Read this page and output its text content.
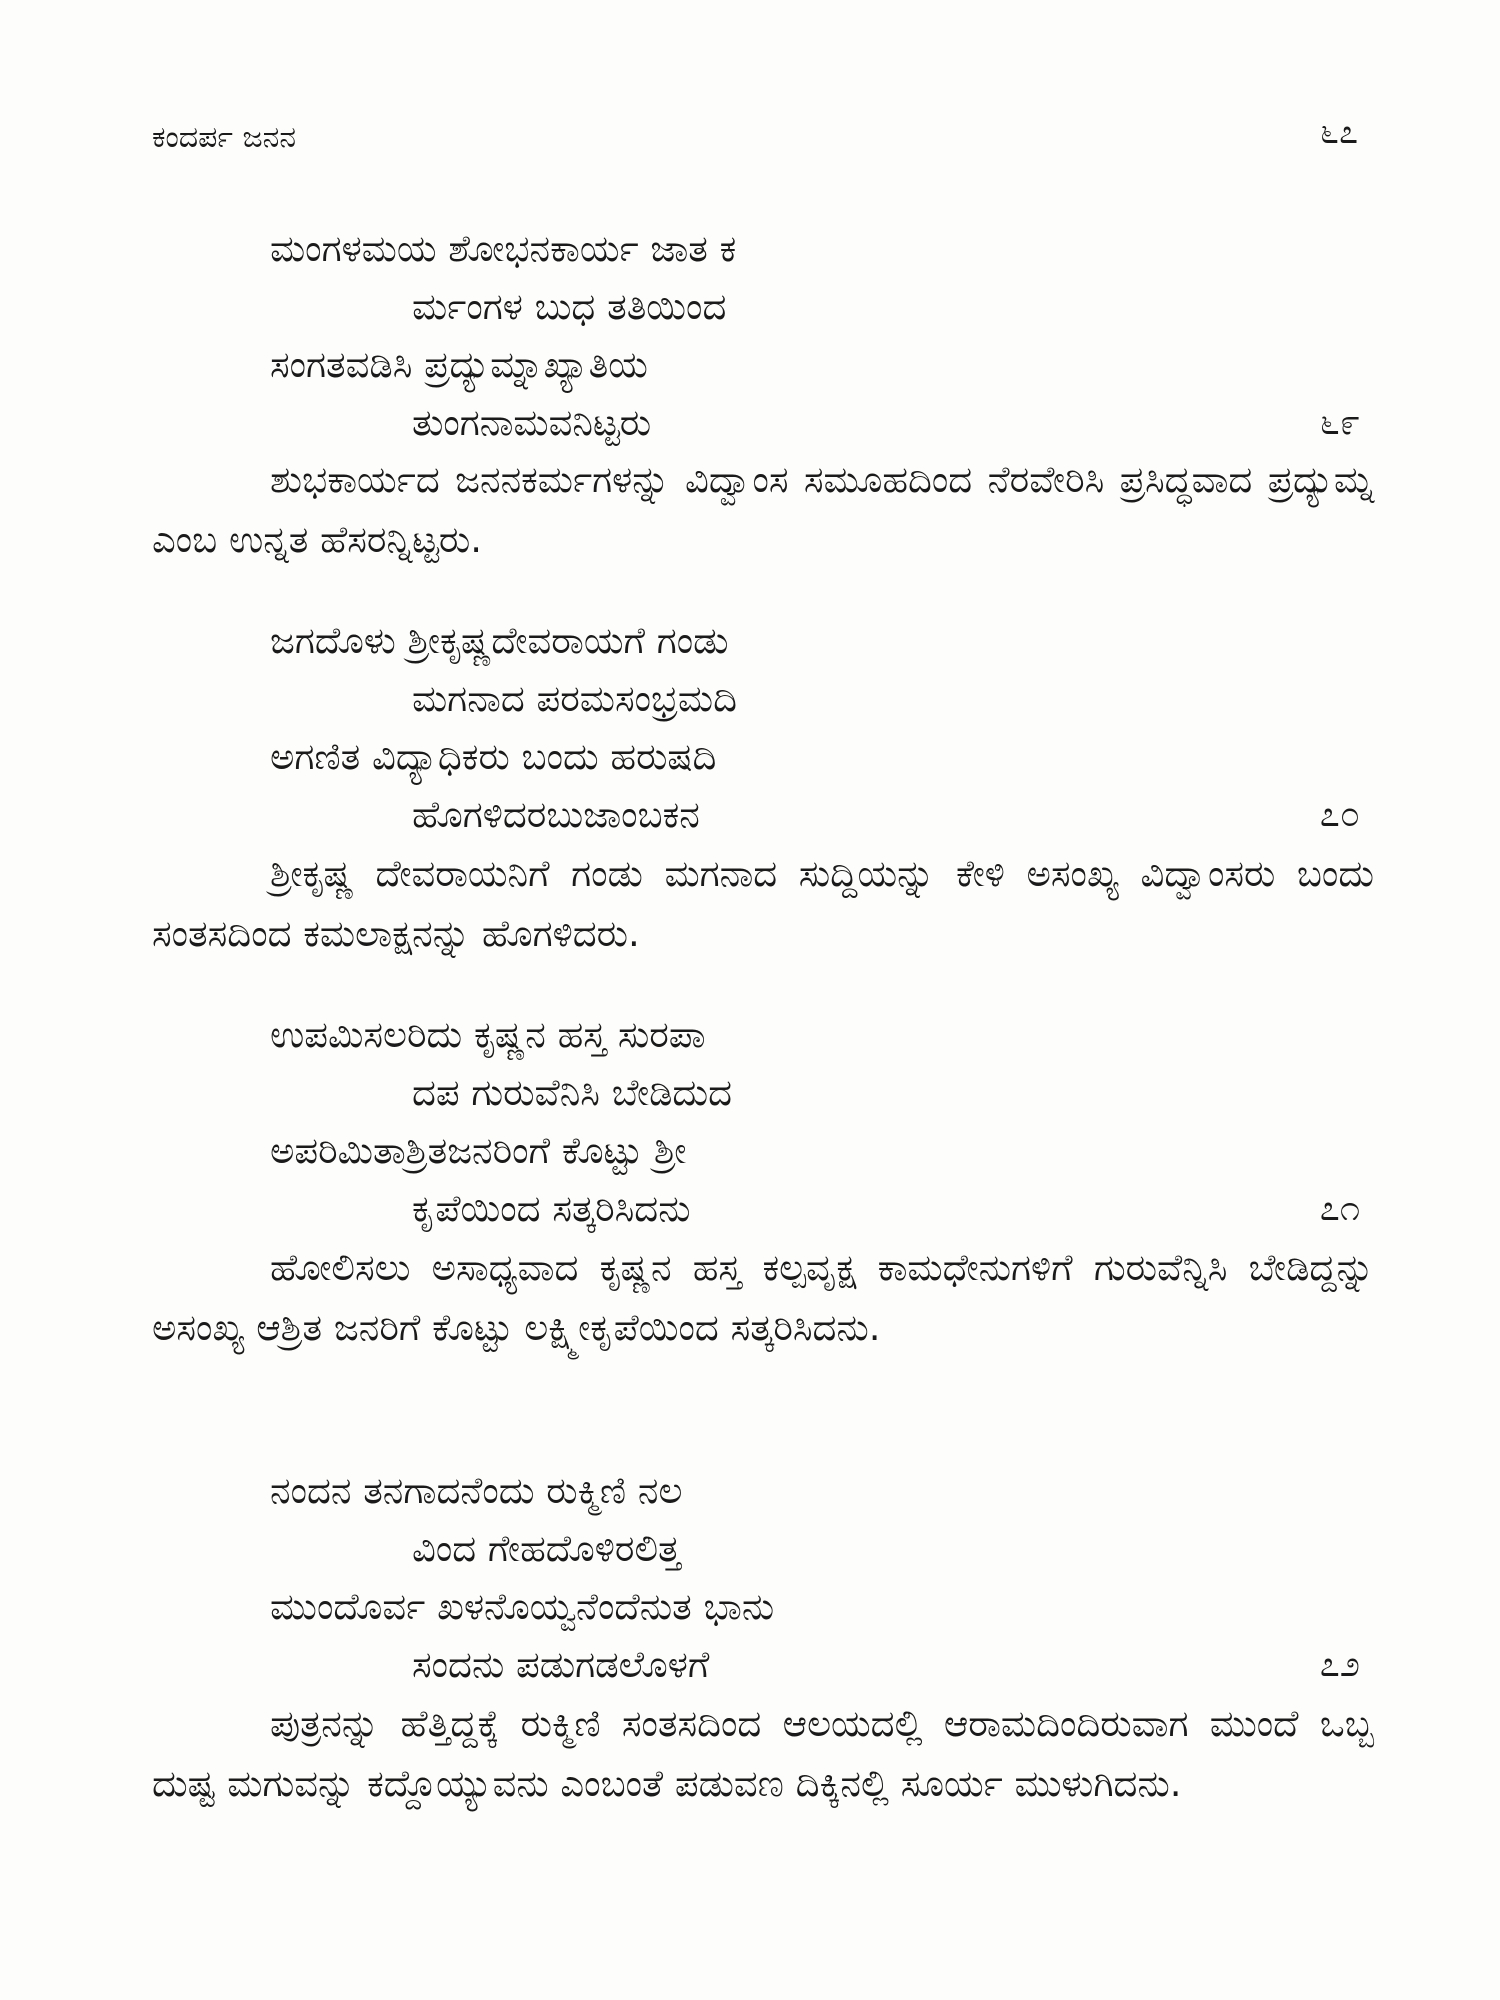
ಕಂದರ್ಪ ಜನನ	೬೭
ಮಂಗಳಮಯ ಶೋಭನಕಾರ್ಯ ಜಾತ ಕ
ರ್ಮಂಗಳ ಬುಧ ತತಿಯಿಂದ
ಸಂಗತವಡಿಸಿ ಪ್ರದ್ಯುಮ್ನಾಖ್ಯಾತಿಯ
ತುಂಗನಾಮವನಿಟ್ಟರು	೬೯
ಶುಭಕಾರ್ಯದ ಜನನಕರ್ಮಗಳನ್ನು ವಿದ್ವಾಂಸ ಸಮೂಹದಿಂದ ನೆರವೇರಿಸಿ ಪ್ರಸಿದ್ಧವಾದ ಪ್ರದ್ಯುಮ್ನ ಎಂಬ ಉನ್ನತ ಹೆಸರನ್ನಿಟ್ಟರು.
ಜಗದೊಳು ಶ್ರೀಕೃಷ್ಣದೇವರಾಯಗೆ ಗಂಡು
ಮಗನಾದ ಪರಮಸಂಭ್ರಮದಿ
ಅಗಣಿತ ವಿದ್ಯಾಧಿಕರು ಬಂದು ಹರುಷದಿ
ಹೊಗಳಿದರಬುಜಾಂಬಕನ	೭೦
ಶ್ರೀಕೃಷ್ಣ ದೇವರಾಯನಿಗೆ ಗಂಡು ಮಗನಾದ ಸುದ್ದಿಯನ್ನು ಕೇಳಿ ಅಸಂಖ್ಯ ವಿದ್ವಾಂಸರು ಬಂದು ಸಂತಸದಿಂದ ಕಮಲಾಕ್ಷನನ್ನು ಹೊಗಳಿದರು.
ಉಪಮಿಸಲರಿದು ಕೃಷ್ಣನ ಹಸ್ತ ಸುರಪಾ
ದಪ ಗುರುವೆನಿಸಿ ಬೇಡಿದುದ
ಅಪರಿಮಿತಾಶ್ರಿತಜನರಿಂಗೆ ಕೊಟ್ಟು ಶ್ರೀ
ಕೃಪೆಯಿಂದ ಸತ್ಕರಿಸಿದನು	೭೧
ಹೋಲಿಸಲು ಅಸಾಧ್ಯವಾದ ಕೃಷ್ಣನ ಹಸ್ತ ಕಲ್ಪವೃಕ್ಷ ಕಾಮಧೇನುಗಳಿಗೆ ಗುರುವೆನ್ನಿಸಿ ಬೇಡಿದ್ದನ್ನು ಅಸಂಖ್ಯ ಆಶ್ರಿತ ಜನರಿಗೆ ಕೊಟ್ಟು ಲಕ್ಷ್ಮೀಕೃಪೆಯಿಂದ ಸತ್ಕರಿಸಿದನು.
ನಂದನ ತನಗಾದನೆಂದು ರುಕ್ಮಿಣಿ ನಲ
ವಿಂದ ಗೇಹದೊಳಿರಲಿತ್ತ
ಮುಂದೊರ್ವ ಖಳನೊಯ್ವನೆಂದೆನುತ ಭಾನು
ಸಂದನು ಪಡುಗಡಲೊಳಗೆ	೭೨
ಪುತ್ರನನ್ನು ಹೆತ್ತಿದ್ದಕ್ಕೆ ರುಕ್ಮಿಣಿ ಸಂತಸದಿಂದ ಆಲಯದಲ್ಲಿ ಆರಾಮದಿಂದಿರುವಾಗ ಮುಂದೆ ಒಬ್ಬ ದುಷ್ಟ ಮಗುವನ್ನು ಕದ್ದೊಯ್ಯುವನು ಎಂಬಂತೆ ಪಡುವಣ ದಿಕ್ಕಿನಲ್ಲಿ ಸೂರ್ಯ ಮುಳುಗಿದನು.
